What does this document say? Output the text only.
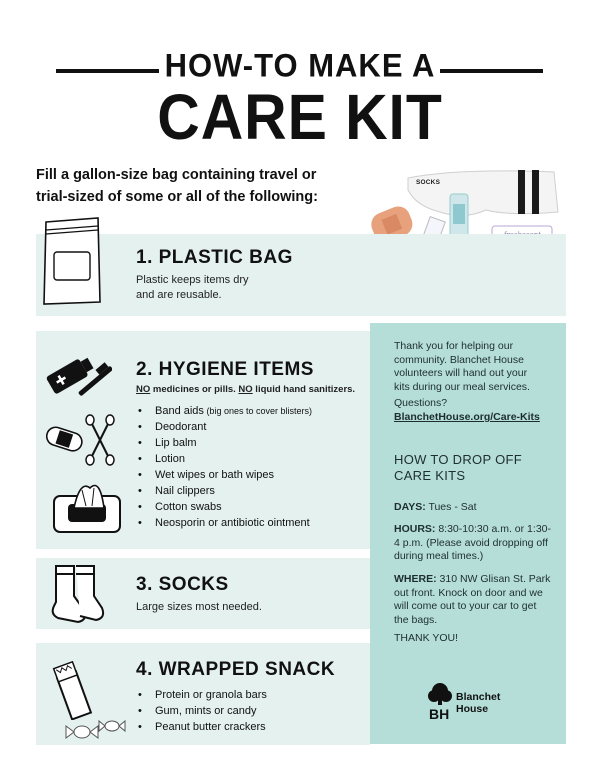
HOW-TO MAKE A
CARE KIT
Fill a gallon-size bag containing travel or
trial-sized of some or all of the following:
SOCKS
1. PLASTIC BAG
Plastic keeps items dry
and are reusable.
2. HYGIENE ITEMS
NO medicines or pills. NO liquid hand sanitizers.
• Band aids (big ones to cover blisters)
• Deodorant
• Lip balm
• Lotion
• Wet wipes or bath wipes
• Nail clippers
• Cotton swabs
• Neosporin or antibiotic ointment
3. SOCKS
Large sizes most needed.
4. WRAPPED SNACK
• Protein or granola bars
• Gum, mints or candy
• Peanut butter crackers
Thank you for helping our
community. Blanchet House
volunteers will hand out your
kits during our meal services.
Questions?
BlanchetHouse.org/Care-Kits
HOW TO DROP OFF
CARE KITS
DAYS: Tues - Sat
HOURS: 8:30-10:30 a.m. or 1:30-
4 p.m. (Please avoid dropping off
during meal times.)
WHERE: 310 NW Glisan St. Park
out front. Knock on door and we
will come out to your car to get
the bags.
THANK YOU!
BH
Blanchet
House
